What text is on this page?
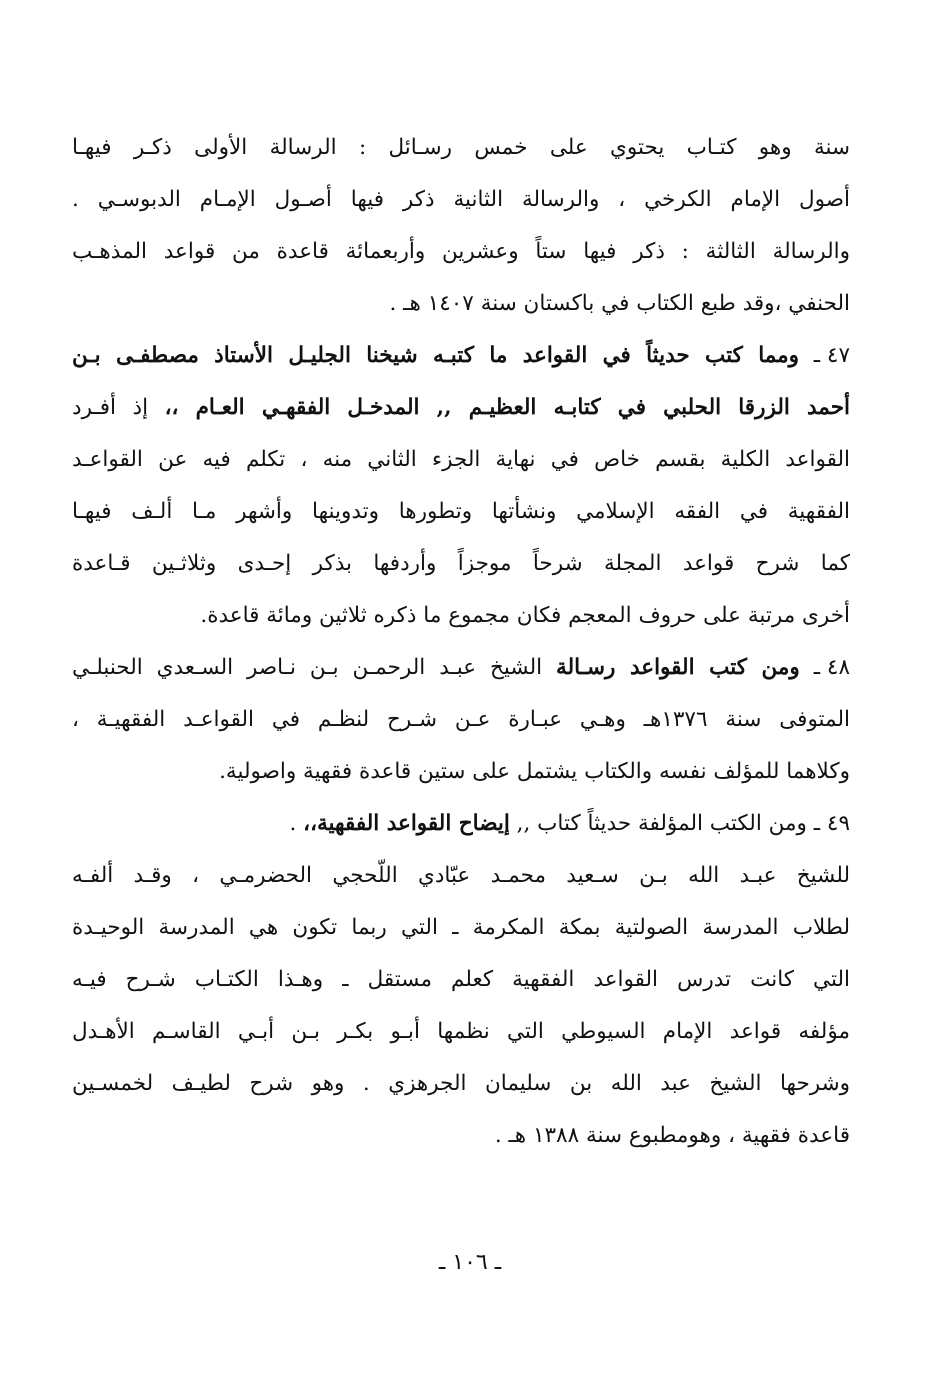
سنة وهو كتـاب يحتوي على خمس رسـائل : الرسالة الأولى ذكـر فيهـا
أصول الإمام الكرخي ، والرسالة الثانية ذكر فيها أصـول الإمـام الدبوسـي .
والرسالة الثالثة : ذكر فيها ستاً وعشرين وأربعمائة قاعدة من قواعد المذهـب
الحنفي ،وقد طبع الكتاب في باكستان سنة ١٤٠٧ هـ .
٤٧ ـ ومما كتب حديثاً في القواعد ما كتبـه شيخنا الجليـل الأستاذ مصطفـى بـن
أحمد الزرقا الحلبي في كتابـه العظيـم ,, المدخـل الفقهـي العـام ،، إذ أفـرد
القواعد الكلية بقسم خاص في نهاية الجزء الثاني منه ، تكلم فيه عن القواعـد
الفقهية في الفقه الإسلامي ونشأتها وتطورها وتدوينها وأشهر مـا ألـف فيهـا
كما شرح قواعد المجلة شرحاً موجزاً وأردفها بذكر إحـدى وثلاثـين قـاعدة
أخرى مرتبة على حروف المعجم فكان مجموع ما ذكره ثلاثين ومائة قاعدة.
٤٨ ـ ومن كتب القواعد رسـالة الشيخ عبـد الرحمـن بـن نـاصر السـعدي الحنبلـي
المتوفى سنة ١٣٧٦هـ وهـي عبـارة عـن شـرح لنظـم في القواعـد الفقهيـة ،
وكلاهما للمؤلف نفسه والكتاب يشتمل على ستين قاعدة فقهية واصولية.
٤٩ ـ ومن الكتب المؤلفة حديثاً كتاب ,, إيضاح القواعد الفقهية،، .
للشيخ عبـد الله بـن سـعيد محمـد عبّادي اللّحجي الحضرمـي ، وقـد ألفـه
لطلاب المدرسة الصولتية بمكة المكرمة ـ التي ربما تكون هي المدرسة الوحيـدة
التي كانت تدرس القواعد الفقهية كعلم مستقل ـ وهـذا الكتـاب شـرح فيـه
مؤلفه قواعد الإمام السيوطي التي نظمها أبـو بكـر بـن أبـي القاسـم الأهـدل
وشرحها الشيخ عبد الله بن سليمان الجرهزي . وهو شرح لطيـف لخمسـين
قاعدة فقهية ، وهومطبوع سنة ١٣٨٨ هـ .
ـ ١٠٦ ـ
